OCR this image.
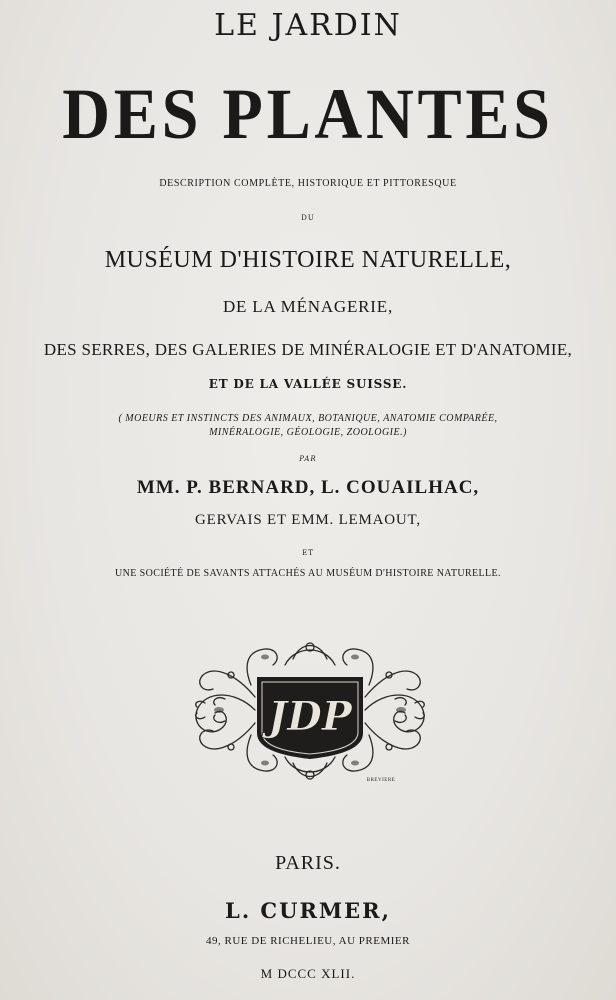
LE JARDIN
DES PLANTES
DESCRIPTION COMPLÈTE, HISTORIQUE ET PITTORESQUE
DU
MUSÉUM D'HISTOIRE NATURELLE,
DE LA MÉNAGERIE,
DES SERRES, DES GALERIES DE MINÉRALOGIE ET D'ANATOMIE,
ET DE LA VALLÉE SUISSE.
( MOEURS ET INSTINCTS DES ANIMAUX, BOTANIQUE, ANATOMIE COMPARÉE,
MINÉRALOGIE, GÉOLOGIE, ZOOLOGIE.)
PAR
MM. P. BERNARD, L. COUAILHAC,
GERVAIS ET EMM. LEMAOUT,
ET
UNE SOCIÉTÉ DE SAVANTS ATTACHÉS AU MUSÉUM D'HISTOIRE NATURELLE.
JDP
BREVIERE
PARIS.
L. CURMER,
49, RUE DE RICHELIEU, AU PREMIER
M DCCC XLII.
